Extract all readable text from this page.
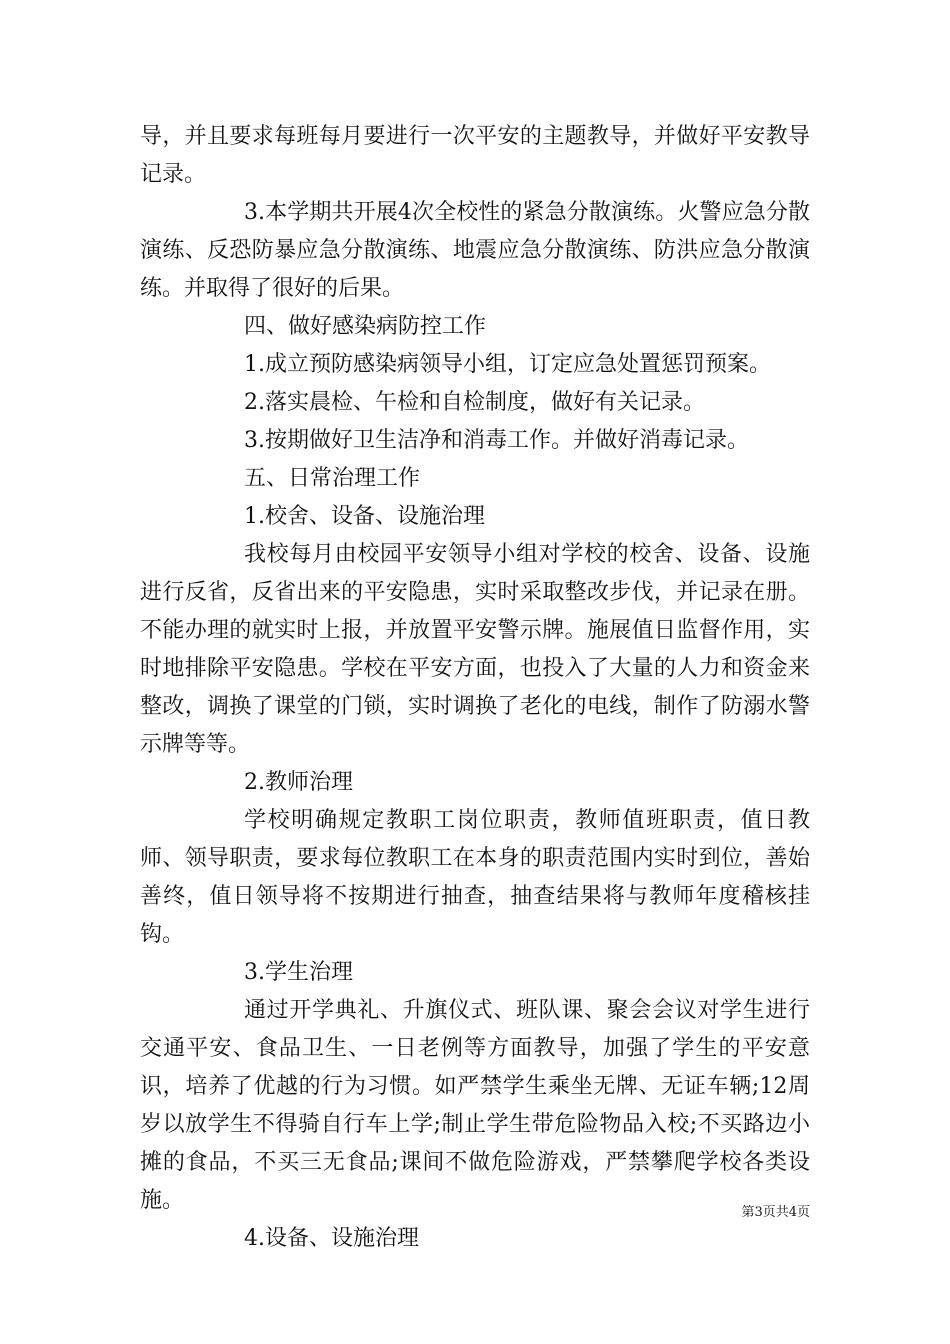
导，并且要求每班每月要进行一次平安的主题教导，并做好平安教导记录。

3.本学期共开展4次全校性的紧急分散演练。火警应急分散演练、反恐防暴应急分散演练、地震应急分散演练、防洪应急分散演练。并取得了很好的后果。

四、做好感染病防控工作

1.成立预防感染病领导小组，订定应急处置惩罚预案。

2.落实晨检、午检和自检制度，做好有关记录。

3.按期做好卫生洁净和消毒工作。并做好消毒记录。

五、日常治理工作

1.校舍、设备、设施治理

我校每月由校园平安领导小组对学校的校舍、设备、设施进行反省，反省出来的平安隐患，实时采取整改步伐，并记录在册。不能办理的就实时上报，并放置平安警示牌。施展值日监督作用，实时地排除平安隐患。学校在平安方面，也投入了大量的人力和资金来整改，调换了课堂的门锁，实时调换了老化的电线，制作了防溺水警示牌等等。

2.教师治理

学校明确规定教职工岗位职责，教师值班职责，值日教师、领导职责，要求每位教职工在本身的职责范围内实时到位，善始善终，值日领导将不按期进行抽查，抽查结果将与教师年度稽核挂钩。

3.学生治理

通过开学典礼、升旗仪式、班队课、聚会会议对学生进行交通平安、食品卫生、一日老例等方面教导，加强了学生的平安意识，培养了优越的行为习惯。如严禁学生乘坐无牌、无证车辆;12周岁以放学生不得骑自行车上学;制止学生带危险物品入校;不买路边小摊的食品，不买三无食品;课间不做危险游戏，严禁攀爬学校各类设施。

4.设备、设施治理

第3页共4页
